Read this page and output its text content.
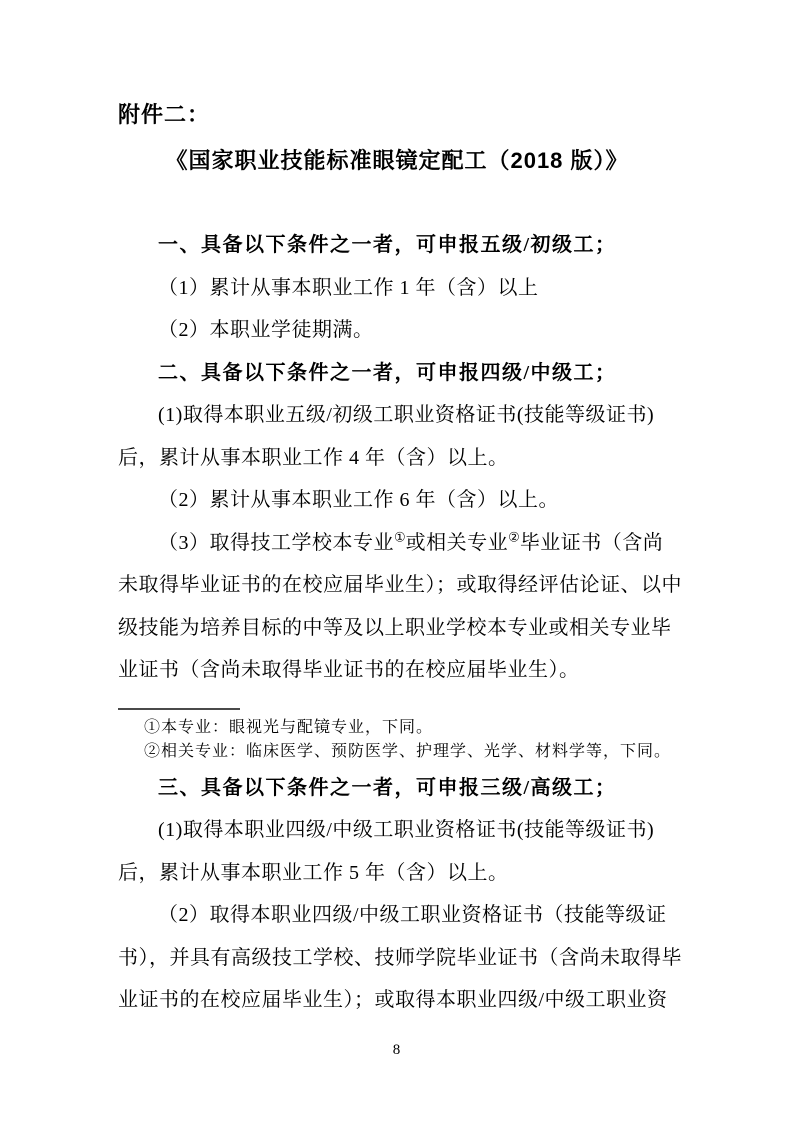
附件二：
《国家职业技能标准眼镜定配工（2018 版）》
一、具备以下条件之一者，可申报五级/初级工；
（1）累计从事本职业工作 1 年（含）以上
（2）本职业学徒期满。
二、具备以下条件之一者，可申报四级/中级工；
(1)取得本职业五级/初级工职业资格证书(技能等级证书)
后，累计从事本职业工作 4 年（含）以上。
（2）累计从事本职业工作 6 年（含）以上。
（3）取得技工学校本专业①或相关专业②毕业证书（含尚
未取得毕业证书的在校应届毕业生）；或取得经评估论证、以中
级技能为培养目标的中等及以上职业学校本专业或相关专业毕
业证书（含尚未取得毕业证书的在校应届毕业生）。
①本专业：眼视光与配镜专业，下同。
②相关专业：临床医学、预防医学、护理学、光学、材料学等，下同。
三、具备以下条件之一者，可申报三级/高级工；
(1)取得本职业四级/中级工职业资格证书(技能等级证书)
后，累计从事本职业工作 5 年（含）以上。
（2）取得本职业四级/中级工职业资格证书（技能等级证
书），并具有高级技工学校、技师学院毕业证书（含尚未取得毕
业证书的在校应届毕业生）；或取得本职业四级/中级工职业资
8
